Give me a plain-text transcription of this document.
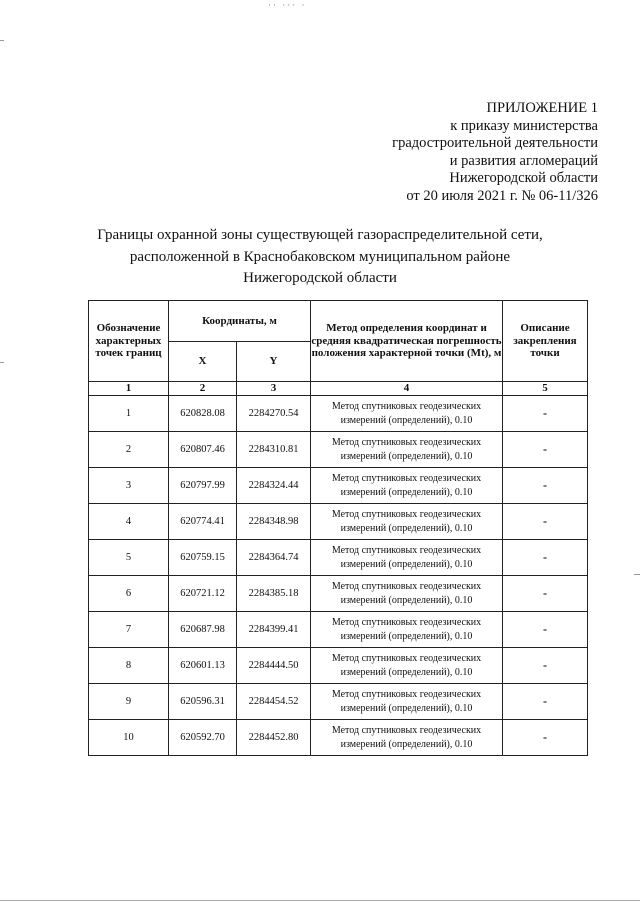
·· ··· ·
ПРИЛОЖЕНИЕ 1
к приказу министерства
градостроительной деятельности
и развития агломераций
Нижегородской области
от 20 июля 2021 г. № 06-11/326
Границы охранной зоны существующей газораспределительной сети,
расположенной в Краснобаковском муниципальном районе
Нижегородской области
Обозначение характерных точек границ	Координаты, м		Метод определения координат и средняя квадратическая погрешность положения характерной точки (Mt), м	Описание закрепления точки
	X	Y		
1	2	3	4	5
1	620828.08	2284270.54	Метод спутниковых геодезических измерений (определений), 0.10	-
2	620807.46	2284310.81	Метод спутниковых геодезических измерений (определений), 0.10	-
3	620797.99	2284324.44	Метод спутниковых геодезических измерений (определений), 0.10	-
4	620774.41	2284348.98	Метод спутниковых геодезических измерений (определений), 0.10	-
5	620759.15	2284364.74	Метод спутниковых геодезических измерений (определений), 0.10	-
6	620721.12	2284385.18	Метод спутниковых геодезических измерений (определений), 0.10	-
7	620687.98	2284399.41	Метод спутниковых геодезических измерений (определений), 0.10	-
8	620601.13	2284444.50	Метод спутниковых геодезических измерений (определений), 0.10	-
9	620596.31	2284454.52	Метод спутниковых геодезических измерений (определений), 0.10	-
10	620592.70	2284452.80	Метод спутниковых геодезических измерений (определений), 0.10	-
